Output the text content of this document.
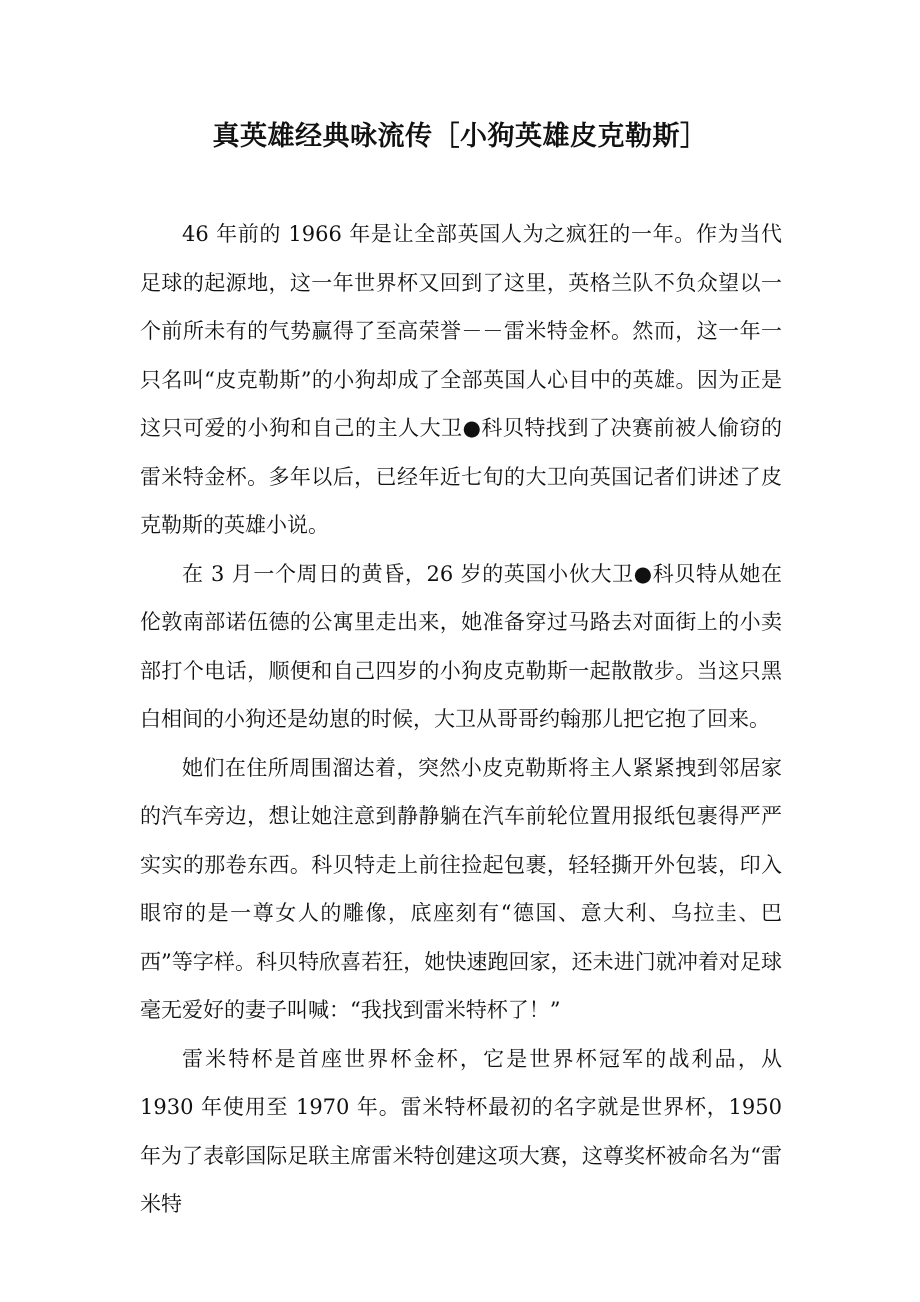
真英雄经典咏流传［小狗英雄皮克勒斯］

46 年前的 1966 年是让全部英国人为之疯狂的一年。作为当代足球的起源地，这一年世界杯又回到了这里，英格兰队不负众望以一个前所未有的气势赢得了至高荣誉－－雷米特金杯。然而，这一年一只名叫“皮克勒斯”的小狗却成了全部英国人心目中的英雄。因为正是这只可爱的小狗和自己的主人大卫●科贝特找到了决赛前被人偷窃的雷米特金杯。多年以后，已经年近七旬的大卫向英国记者们讲述了皮克勒斯的英雄小说。

在 3 月一个周日的黄昏，26 岁的英国小伙大卫●科贝特从她在伦敦南部诺伍德的公寓里走出来，她准备穿过马路去对面街上的小卖部打个电话，顺便和自己四岁的小狗皮克勒斯一起散散步。当这只黑白相间的小狗还是幼崽的时候，大卫从哥哥约翰那儿把它抱了回来。

她们在住所周围溜达着，突然小皮克勒斯将主人紧紧拽到邻居家的汽车旁边，想让她注意到静静躺在汽车前轮位置用报纸包裹得严严实实的那卷东西。科贝特走上前往捡起包裹，轻轻撕开外包装，印入眼帘的是一尊女人的雕像，底座刻有“德国、意大利、乌拉圭、巴西”等字样。科贝特欣喜若狂，她快速跑回家，还未进门就冲着对足球毫无爱好的妻子叫喊：“我找到雷米特杯了！”

雷米特杯是首座世界杯金杯，它是世界杯冠军的战利品，从 1930 年使用至 1970 年。雷米特杯最初的名字就是世界杯，1950 年为了表彰国际足联主席雷米特创建这项大赛，这尊奖杯被命名为“雷米特
